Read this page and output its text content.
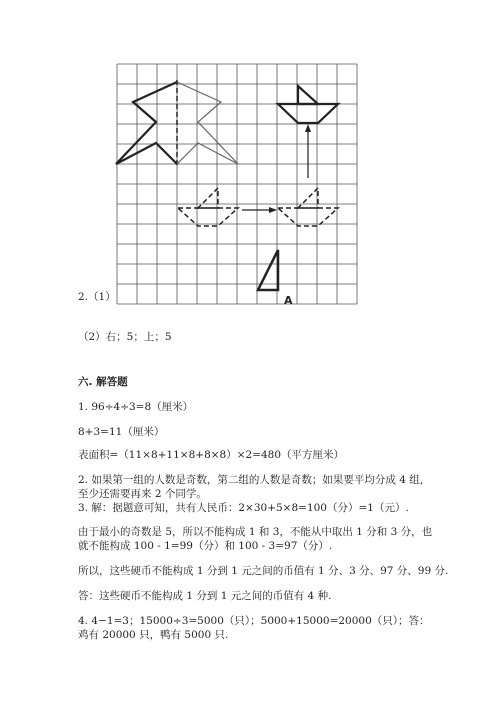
A
2.（1）
（2）右；5；上；5
六. 解答题
1. 96÷4÷3=8（厘米）
8+3=11（厘米）
表面积=（11×8+11×8+8×8）×2=480（平方厘米）
2. 如果第一组的人数是奇数，第二组的人数是奇数；如果要平均分成 4 组，至少还需要再来 2 个同学。
3. 解：据题意可知，共有人民币：2×30+5×8=100（分）=1（元）.
由于最小的奇数是 5，所以不能构成 1 和 3，不能从中取出 1 分和 3 分，也就不能构成 100 - 1=99（分）和 100 - 3=97（分）.
所以，这些硬币不能构成 1 分到 1 元之间的币值有 1 分、3 分、97 分、99 分.
答：这些硬币不能构成 1 分到 1 元之间的币值有 4 种.
4. 4−1=3；15000÷3=5000（只）；5000+15000=20000（只）；答：鸡有 20000 只，鸭有 5000 只.
